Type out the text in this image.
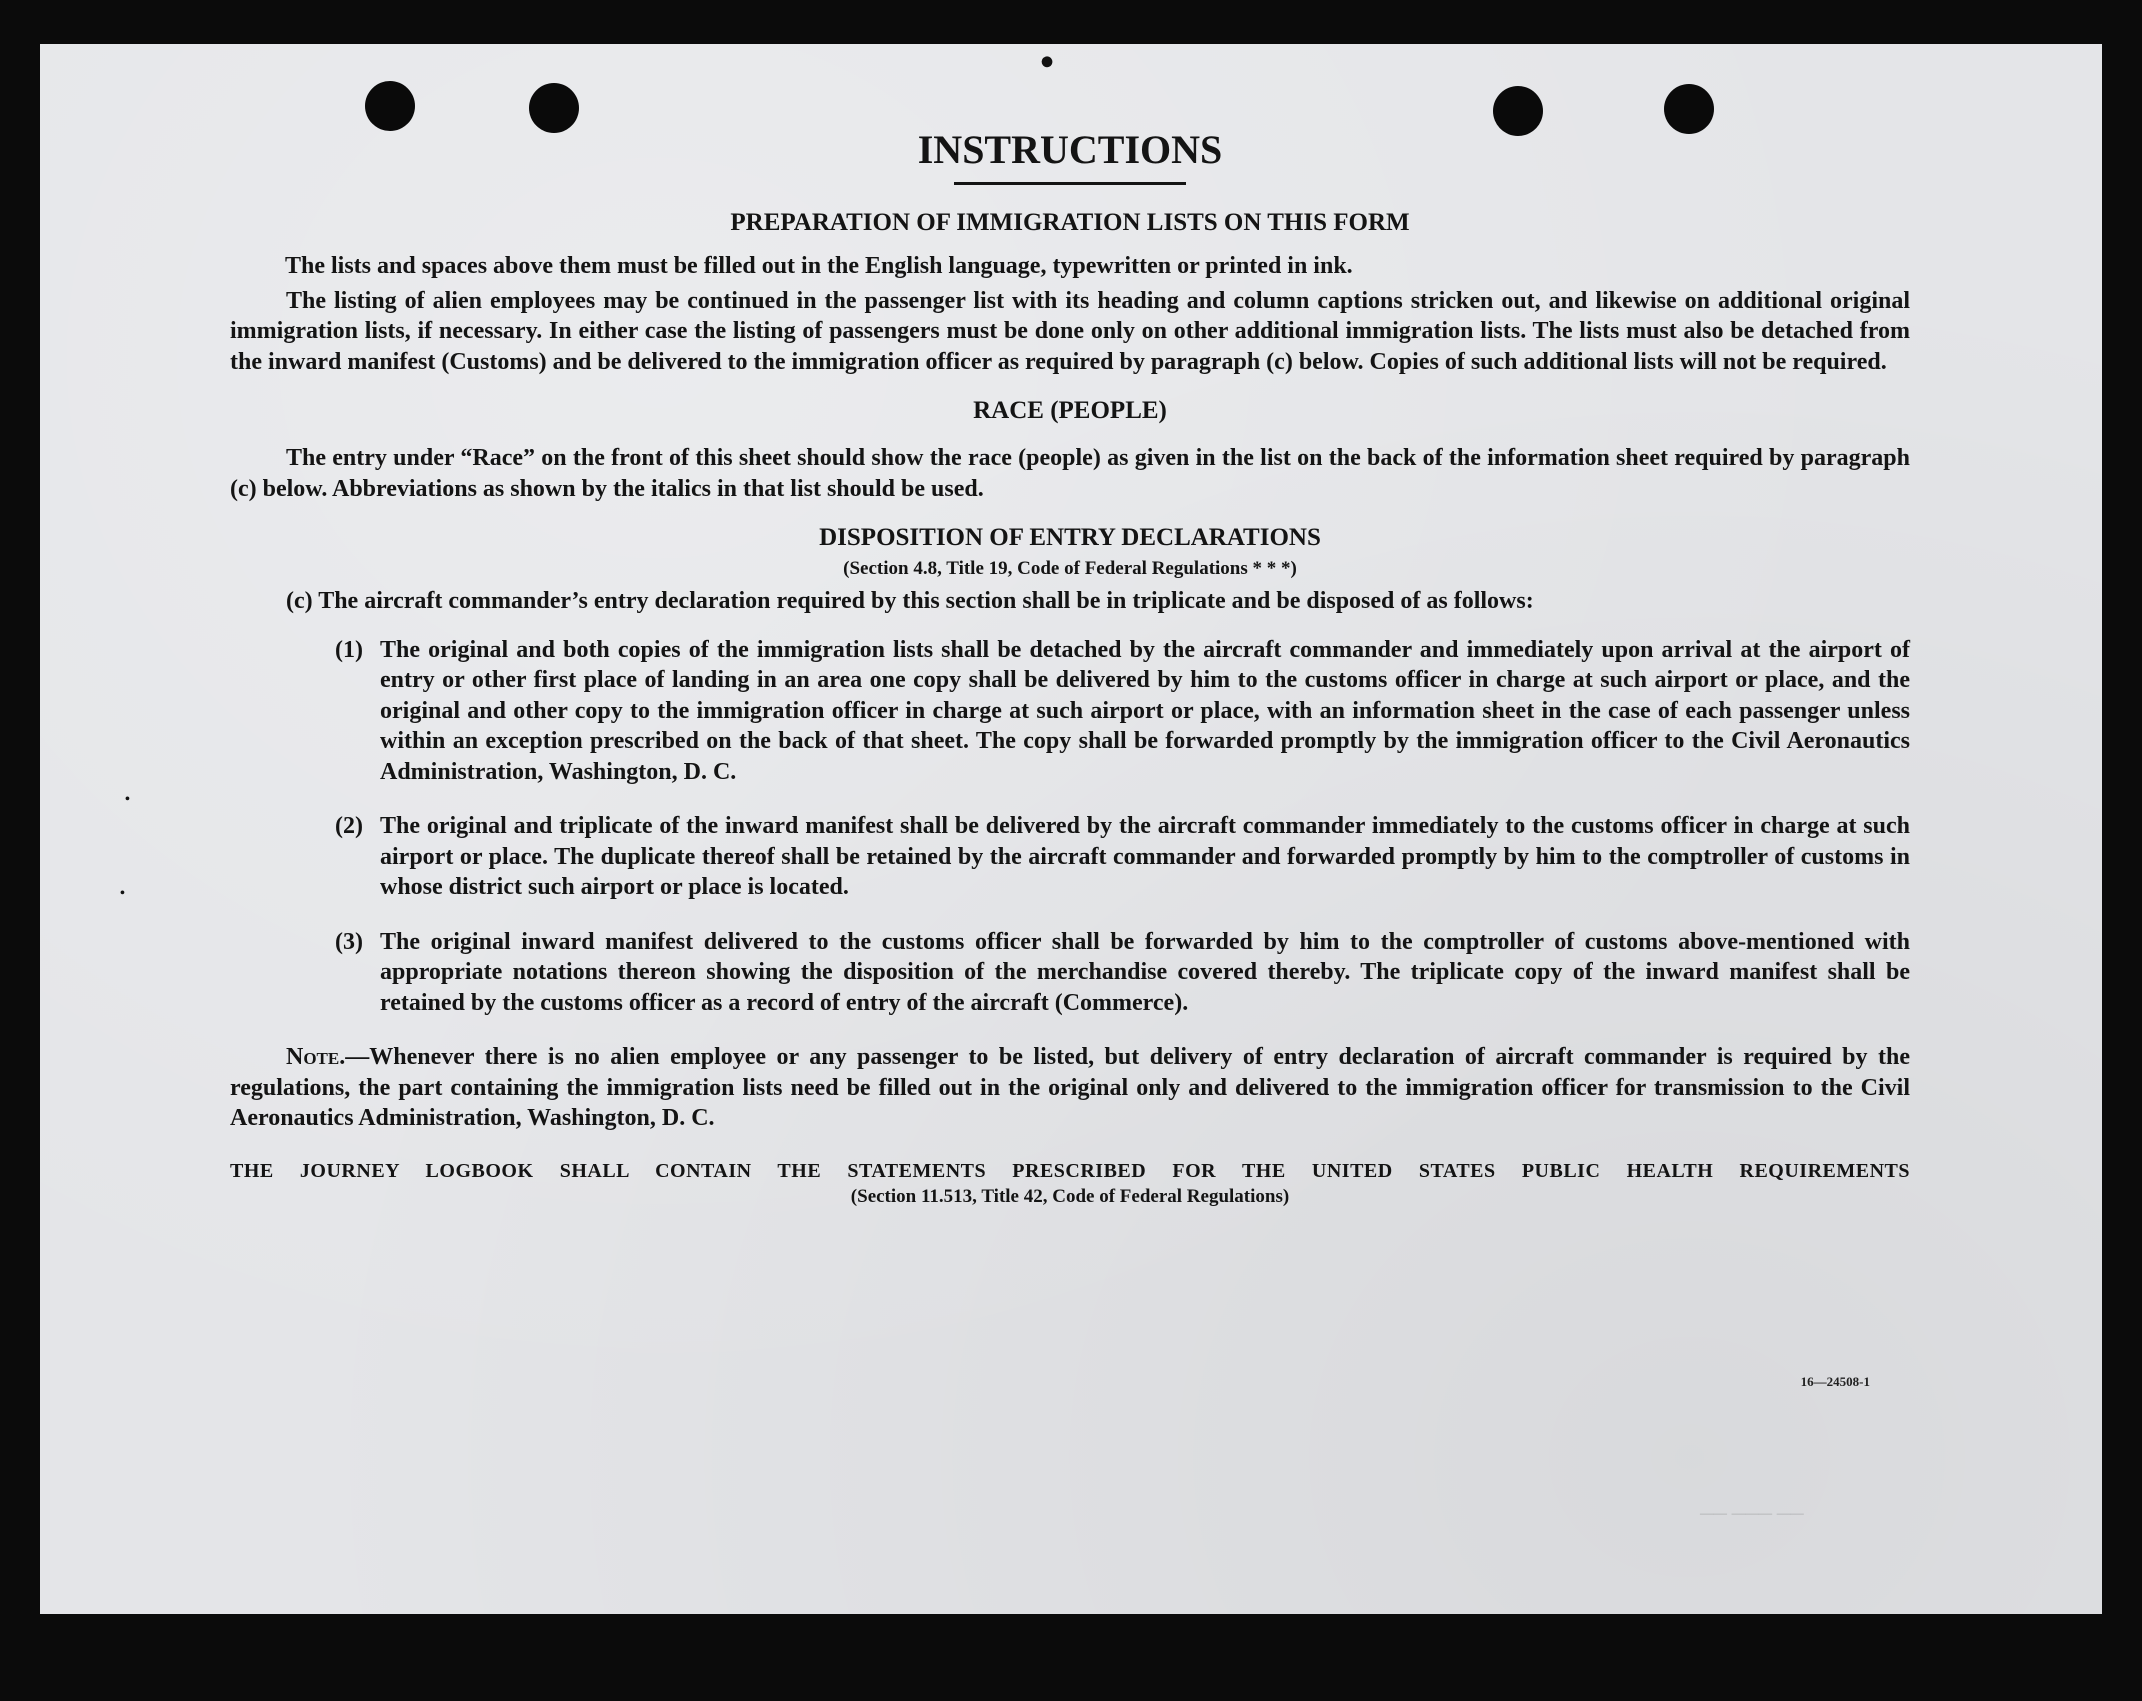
•
•
•
── ─── ──
INSTRUCTIONS
PREPARATION OF IMMIGRATION LISTS ON THIS FORM

The lists and spaces above them must be filled out in the English language, typewritten or printed in ink.

The listing of alien employees may be continued in the passenger list with its heading and column captions stricken out, and likewise on additional original immigration lists, if necessary. In either case the listing of passengers must be done only on other additional immigration lists. The lists must also be detached from the inward manifest (Customs) and be delivered to the immigration officer as required by paragraph (c) below. Copies of such additional lists will not be required.

RACE (PEOPLE)

The entry under “Race” on the front of this sheet should show the race (people) as given in the list on the back of the information sheet required by paragraph (c) below. Abbreviations as shown by the italics in that list should be used.

DISPOSITION OF ENTRY DECLARATIONS
(Section 4.8, Title 19, Code of Federal Regulations * * *)

(c) The aircraft commander’s entry declaration required by this section shall be in triplicate and be disposed of as follows:

(1) The original and both copies of the immigration lists shall be detached by the aircraft commander and immediately upon arrival at the airport of entry or other first place of landing in an area one copy shall be delivered by him to the customs officer in charge at such airport or place, and the original and other copy to the immigration officer in charge at such airport or place, with an information sheet in the case of each passenger unless within an exception prescribed on the back of that sheet. The copy shall be forwarded promptly by the immigration officer to the Civil Aeronautics Administration, Washington, D. C.
(2) The original and triplicate of the inward manifest shall be delivered by the aircraft commander immediately to the customs officer in charge at such airport or place. The duplicate thereof shall be retained by the aircraft commander and forwarded promptly by him to the comptroller of customs in whose district such airport or place is located.
(3) The original inward manifest delivered to the customs officer shall be forwarded by him to the comptroller of customs above-mentioned with appropriate notations thereon showing the disposition of the merchandise covered thereby. The triplicate copy of the inward manifest shall be retained by the customs officer as a record of entry of the aircraft (Commerce).

Note.—Whenever there is no alien employee or any passenger to be listed, but delivery of entry declaration of aircraft commander is required by the regulations, the part containing the immigration lists need be filled out in the original only and delivered to the immigration officer for transmission to the Civil Aeronautics Administration, Washington, D. C.

THE JOURNEY LOGBOOK SHALL CONTAIN THE STATEMENTS PRESCRIBED FOR THE UNITED STATES PUBLIC HEALTH REQUIREMENTS

(Section 11.513, Title 42, Code of Federal Regulations)
16—24508-1
